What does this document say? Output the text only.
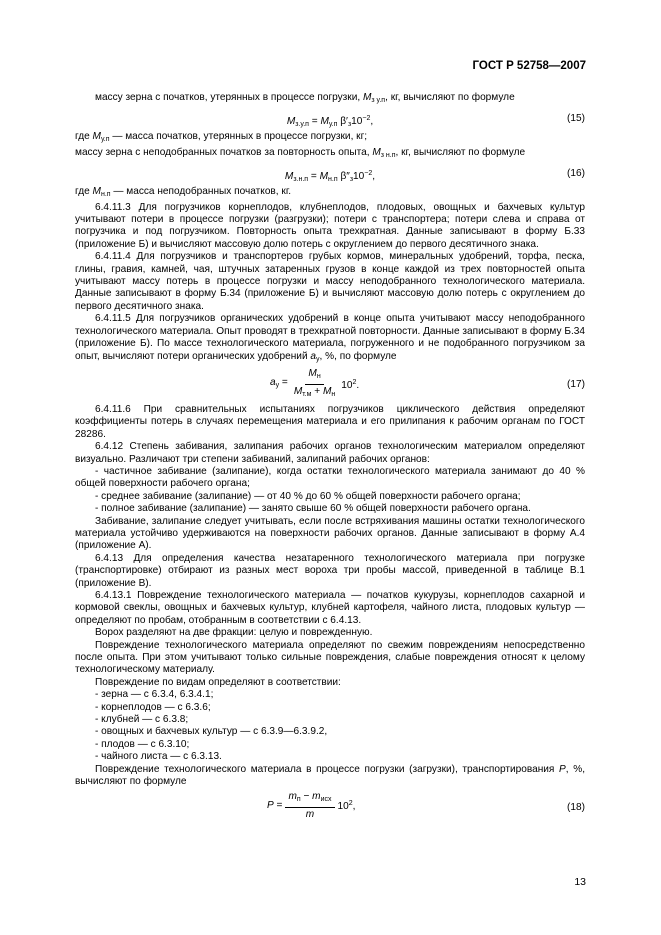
ГОСТ Р 52758—2007

массу зерна с початков, утерянных в процессе погрузки, $M_{з у.п}$, кг, вычисляют по формуле

$M_{з.у.п} = M_{у.п}$ $\beta'_з10^{-2}$,	(15)

где $M_{у.п}$ — масса початков, утерянных в процессе погрузки, кг;

массу зерна с неподобранных початков за повторность опыта, $M_{з н.п}$, кг, вычисляют по формуле

$M_{з.н.п} = M_{н.п}$ $\beta''_з10^{-2}$,	(16)

где $M_{н.п}$ — масса неподобранных початков, кг.

6.4.11.3 Для погрузчиков корнеплодов, клубнеплодов, плодовых, овощных и бахчевых культур учитывают потери в процессе погрузки (разгрузки); потери с транспортера; потери слева и справа от погрузчика и под погрузчиком. Повторность опыта трехкратная. Данные записывают в форму Б.33 (приложение Б) и вычисляют массовую долю потерь с округлением до первого десятичного знака.

6.4.11.4 Для погрузчиков и транспортеров грубых кормов, минеральных удобрений, торфа, песка, глины, гравия, камней, чая, штучных затаренных грузов в конце каждой из трех повторностей опыта учитывают массу потерь в процессе погрузки и массу неподобранного технологического материала. Данные записывают в форму Б.34 (приложение Б) и вычисляют массовую долю потерь с округлением до первого десятичного знака.

6.4.11.5 Для погрузчиков органических удобрений в конце опыта учитывают массу неподобранного технологического материала. Опыт проводят в трехкратной повторности. Данные записывают в форму Б.34 (приложение Б). По массе технологического материала, погруженного и не подобранного погрузчиком за опыт, вычисляют потери органических удобрений $a_у$, %, по формуле

$a_у = \frac{M_н}{M_{т.м} + M_н} 10^2$.	(17)

6.4.11.6 При сравнительных испытаниях погрузчиков циклического действия определяют коэффициенты потерь в случаях перемещения материала и его прилипания к рабочим органам по ГОСТ 28286.

6.4.12 Степень забивания, залипания рабочих органов технологическим материалом определяют визуально. Различают три степени забиваний, залипаний рабочих органов:

- частичное забивание (залипание), когда остатки технологического материала занимают до 40 % общей поверхности рабочего органа;

- среднее забивание (залипание) — от 40 % до 60 % общей поверхности рабочего органа;

- полное забивание (залипание) — занято свыше 60 % общей поверхности рабочего органа.

Забивание, залипание следует учитывать, если после встряхивания машины остатки технологического материала устойчиво удерживаются на поверхности рабочих органов. Данные записывают в форму А.4 (приложение А).

6.4.13 Для определения качества незатаренного технологического материала при погрузке (транспортировке) отбирают из разных мест вороха три пробы массой, приведенной в таблице В.1 (приложение В).

6.4.13.1 Повреждение технологического материала — початков кукурузы, корнеплодов сахарной и кормовой свеклы, овощных и бахчевых культур, клубней картофеля, чайного листа, плодовых культур — определяют по пробам, отобранным в соответствии с 6.4.13.

Ворох разделяют на две фракции: целую и поврежденную.

Повреждение технологического материала определяют по свежим повреждениям непосредственно после опыта. При этом учитывают только сильные повреждения, слабые повреждения относят к целому технологическому материалу.

Повреждение по видам определяют в соответствии:

- зерна — с 6.3.4, 6.3.4.1;

- корнеплодов — с 6.3.6;

- клубней — с 6.3.8;

- овощных и бахчевых культур — с 6.3.9—6.3.9.2,

- плодов — с 6.3.10;

- чайного листа — с 6.3.13.

Повреждение технологического материала в процессе погрузки (загрузки), транспортирования P, %, вычисляют по формуле

$P = \frac{m_п - m_{исх}}{m} 10^2$,	(18)
13
